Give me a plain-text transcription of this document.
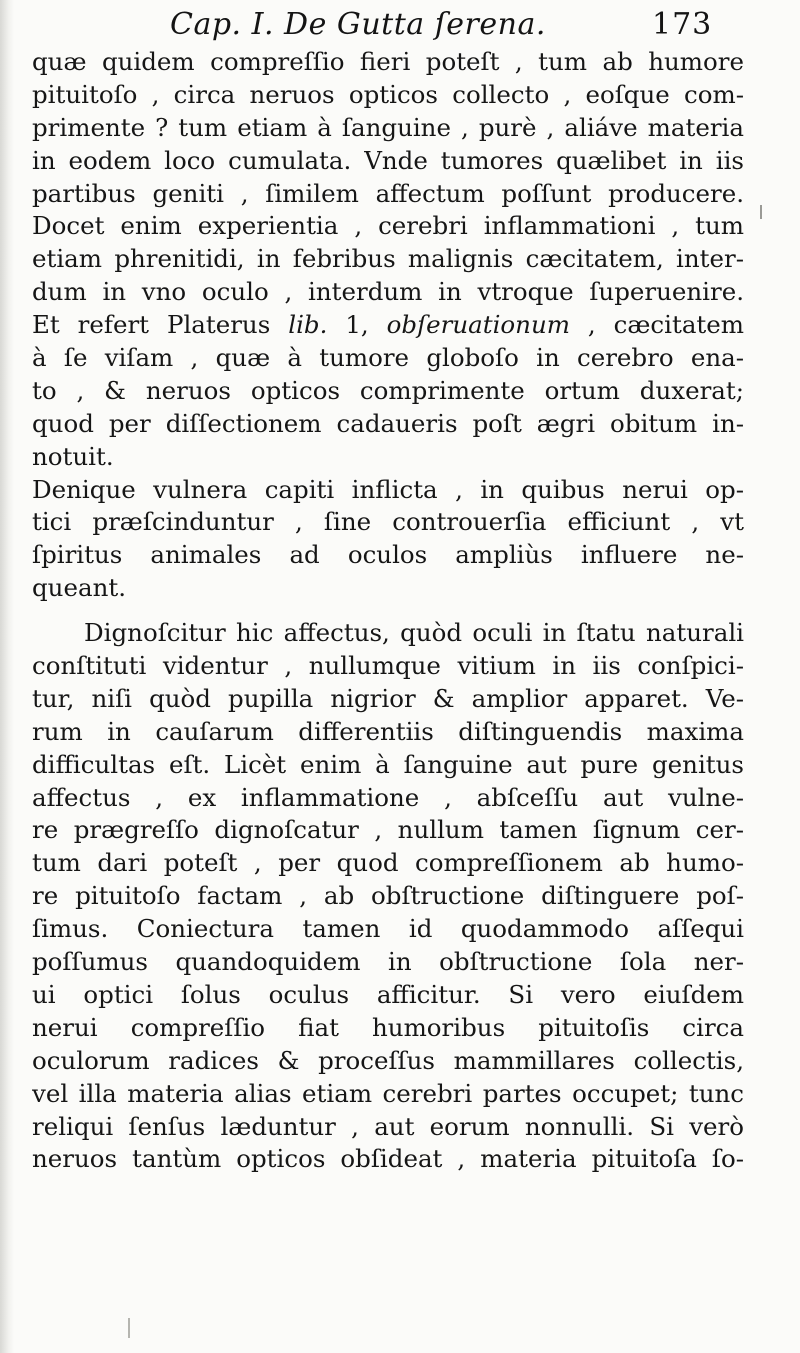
Cap. I. De Gutta ſerena.	173
quæ quidem compreſſio fieri poteſt , tum ab humore
pituitoſo , circa neruos opticos collecto , eoſque com-
primente ? tum etiam à ſanguine , purè , aliáve materia
in eodem loco cumulata. Vnde tumores quælibet in iis
partibus geniti , ſimilem affectum poſſunt producere.
Docet enim experientia , cerebri inflammationi , tum
etiam phrenitidi, in febribus malignis cæcitatem, inter-
dum in vno oculo , interdum in vtroque ſuperuenire.
Et refert Platerus lib. 1, obſeruationum , cæcitatem
à ſe viſam , quæ à tumore globoſo in cerebro ena-
to , & neruos opticos comprimente ortum duxerat;
quod per diſſectionem cadaueris poſt ægri obitum in-
notuit.
Denique vulnera capiti inflicta , in quibus nerui op-
tici præſcinduntur , ſine controuerſia efficiunt , vt
ſpiritus animales ad oculos ampliùs influere ne-
queant.
Dignoſcitur hic affectus, quòd oculi in ſtatu naturali
conſtituti videntur , nullumque vitium in iis conſpici-
tur, niſi quòd pupilla nigrior & amplior apparet. Ve-
rum in cauſarum differentiis diſtinguendis maxima
difficultas eſt. Licèt enim à ſanguine aut pure genitus
affectus , ex inflammatione , abſceſſu aut vulne-
re prægreſſo dignoſcatur , nullum tamen ſignum cer-
tum dari poteſt , per quod compreſſionem ab humo-
re pituitoſo factam , ab obſtructione diſtinguere poſ-
ſimus. Coniectura tamen id quodammodo aſſequi
poſſumus quandoquidem in obſtructione ſola ner-
ui optici ſolus oculus afficitur. Si vero eiuſdem
nerui compreſſio fiat humoribus pituitoſis circa
oculorum radices & proceſſus mammillares collectis,
vel illa materia alias etiam cerebri partes occupet; tunc
reliqui ſenſus læduntur , aut eorum nonnulli. Si verò
neruos tantùm opticos obſideat , materia pituitoſa ſo-
